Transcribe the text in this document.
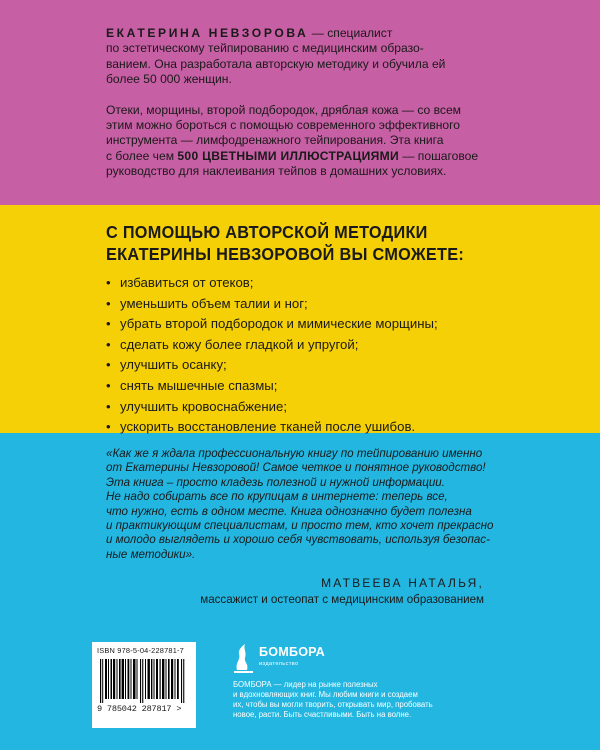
ЕКАТЕРИНА НЕВЗОРОВА — специалист
по эстетическому тейпированию с медицинским образо-
ванием. Она разработала авторскую методику и обучила ей
более 50 000 женщин.

Отеки, морщины, второй подбородок, дряблая кожа — со всем
этим можно бороться с помощью современного эффективного
инструмента — лимфодренажного тейпирования. Эта книга
с более чем 500 ЦВЕТНЫМИ ИЛЛЮСТРАЦИЯМИ — пошаговое
руководство для наклеивания тейпов в домашних условиях.

С ПОМОЩЬЮ АВТОРСКОЙ МЕТОДИКИ
ЕКАТЕРИНЫ НЕВЗОРОВОЙ ВЫ СМОЖЕТЕ:
• избавиться от отеков;
• уменьшить объем талии и ног;
• убрать второй подбородок и мимические морщины;
• сделать кожу более гладкой и упругой;
• улучшить осанку;
• снять мышечные спазмы;
• улучшить кровоснабжение;
• ускорить восстановление тканей после ушибов.

«Как же я ждала профессиональную книгу по тейпированию именно
от Екатерины Невзоровой! Самое четкое и понятное руководство!
Эта книга – просто кладезь полезной и нужной информации.
Не надо собирать все по крупицам в интернете: теперь все,
что нужно, есть в одном месте. Книга однозначно будет полезна
и практикующим специалистам, и просто тем, кто хочет прекрасно
и молодо выглядеть и хорошо себя чувствовать, используя безопас-
ные методики».

МАТВЕЕВА НАТАЛЬЯ,
массажист и остеопат с медицинским образованием
ISBN 978-5-04-228781-7
9 785042 287817 >
БОМБОРА
издательство
БОМБОРА — лидер на рынке полезных
и вдохновляющих книг. Мы любим книги и создаем
их, чтобы вы могли творить, открывать мир, пробовать
новое, расти. Быть счастливыми. Быть на волне.
